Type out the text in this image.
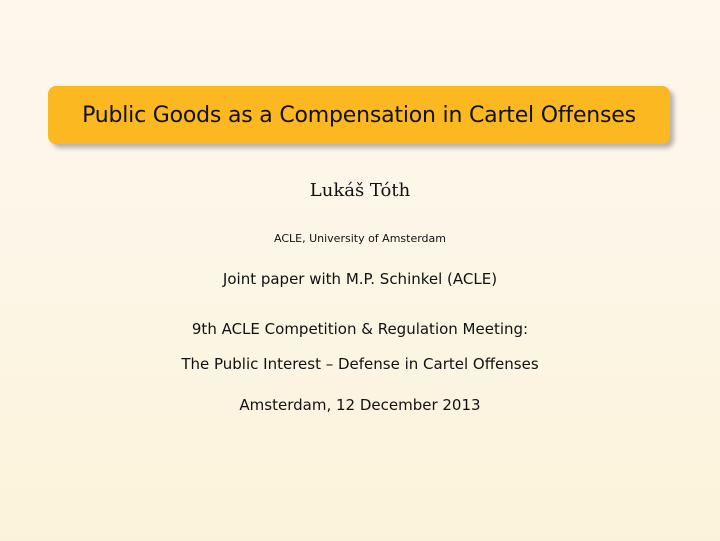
Public Goods as a Compensation in Cartel Offenses
Lukáš Tóth
ACLE, University of Amsterdam
Joint paper with M.P. Schinkel (ACLE)
9th ACLE Competition & Regulation Meeting:
The Public Interest – Defense in Cartel Offenses
Amsterdam, 12 December 2013
